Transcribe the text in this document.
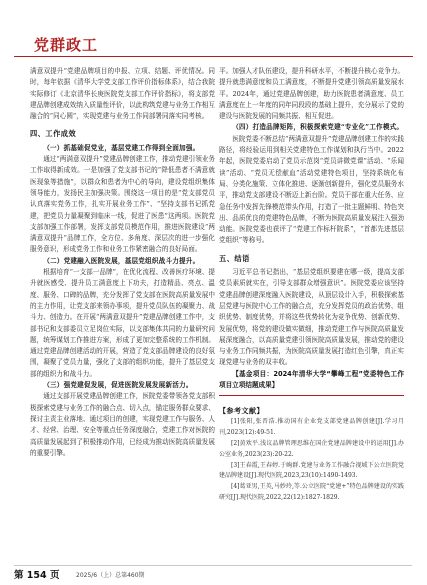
党群政工

满意双提升”党建品牌项目的申报、立项、结题、评优情况。同时，每年依据《清华大学党支部工作评价指标体系》，结合我院实际修订《北京清华长庚医院党支部工作评价指标》，将支部党建品牌创建成效纳入质量性评价，以此构筑党建与业务工作相互融合的“同心圆”，实现党建与业务工作同部署同落实同考核。

四、工作成效

（一）抓基础促党业，基层党建工作得到全面加强。

通过“两满意双提升”党建品牌创建工作，推动党建引领业务工作取得新成效。一是加强了党支部书记的“降低患者不满意就医现象等措施”，以群众和患者为中心的导向，建设党组织集体领导能力，发扬民主加强决策。围绕这一项目的是“党支部党员认真落实党务工作，扎实开展业务工作”、“坚持支部书记抓党建，把党员力量凝聚到临床一线，促进了医患”这两项。医院党支部加强工作部署，发挥支部党员模范作用，推进医院建设“两满意双提升”品牌工作，全方位、多角度、深层次的进一步强化服务意识，形成党务工作和业务工作紧密融合的良好局面。

（二）党建融入医院发展，基层党组织战斗力提升。

根据培育“一支部一品牌”，在优化流程、改善医疗环境、提升就医感受、提升员工满意度上下功夫，打造精品、亮点、温度、服务、口碑的品牌，充分发挥了党支部在医院高质量发展中的主力作用，让党支部来领办事项，提升党员队伍的凝聚力、战斗力、创造力。在开展“两满意双提升”党建品牌创建工作中，支部书记和支部委员立足岗位实际，以支部集体共同的力量研究问题，统筹谋划工作推进方案，形成了更加完整系统的工作机制。通过党建品牌创建活动的开展，营造了党支部品牌建设的良好氛围，凝聚了党员力量，强化了支部的组织功能，提升了基层党支部的组织力和战斗力。

（三）强党建促发展，促进医院发展发展新活力。

通过支部开展党建品牌创建工作，医院党委带领各党支部积极探索党建与业务工作的融合点、切入点，锚定服务群众要求、探讨主责主业落地、通过项目的创建，实现党建工作与服务、人才、经营、治理、安全等重点任务深度融合，党建工作对医院的高质量发展起到了积极推动作用，已经成为推动医院高质量发展的重要引擎。

平。加强人才队伍建设，提升科研水平，不断提升核心竞争力。提升就患满意度和员工满意度，不断提升党建引领高质量发展水平。2024年，通过党建品牌创建，助力医院患者满意度、员工满意度在上一年度的同年同段段的基础上提升，充分展示了党的建设与医院发展的同频共振、相互促进。

（四）打造品牌矩阵，积极探索党建“专业化”工作模式。

医院党委不断总结“两满意双提升”党建品牌创建工作的实践路径，将经验运用到相关党建特色工作谋划和执行当中。2022年起，医院党委启动了党员示范岗“党员讲微党课”活动、“乐闻读”活动、“党员无偿献血”活动党建特色项目，坚持系统化布局、分类化施策、立体化推进、逐渐创新提升，强化党员服务水平，推动党支部建设不断迈上新台阶。党员干部在重大任务、应急任务中发挥先锋模范带头作用，打造了一批主题鲜明、特色突出、品质优良的党建特色品牌，不断为医院高质量发展注入强劲动能。医院党委也获评了“党建工作标杆院系”，“首都先进基层党组织”等称号。

五、结语

习近平总书记指出，“基层党组织要建在哪一级，提高支部党员素质就实在，引导支部群众增强意识”。医院党委应该坚持党建品牌创建深度融入医院建设，从顶层设计入手，积极探索基层党建与医院中心工作的融合点，充分发挥党员的政治优势、组织优势、制度优势，并将这些优势转化为竞争优势、创新优势、发展优势，将党的建设做实做细，推动党建工作与医院高质量发展深度融合，以高质量党建引领医院高质量发展，推动党的建设与业务工作同频共振，为医院高质量发展打造红色引擎，真正实现党建与业务的双丰收。

【基金项目：2024年清华大学“攀峰工程”党委特色工作项目立项结题成果】

【参考文献】

[1]张阳,张晋浩.推动国有企业党支部党建品牌创建[J].学习月刊,2023(12):49-51.

[2]黄欢平.浅议品牌管理思维在国企党建品牌建设中的运用[J].办公室业务,2023(23):20-22.

[3]王春霞,王春婷.于峋群.党建与业务工作融合视域下公立医院党建品牌建设[J].现代医院,2023,23(10):1490-1493.

[4]葛亚男,王英,马妙玲,等.公立医院“党建+”特色品牌建设的实践研究[J].现代医院,2022,22(12):1827-1829.

第 154 页	2025/6（上）总第460期
